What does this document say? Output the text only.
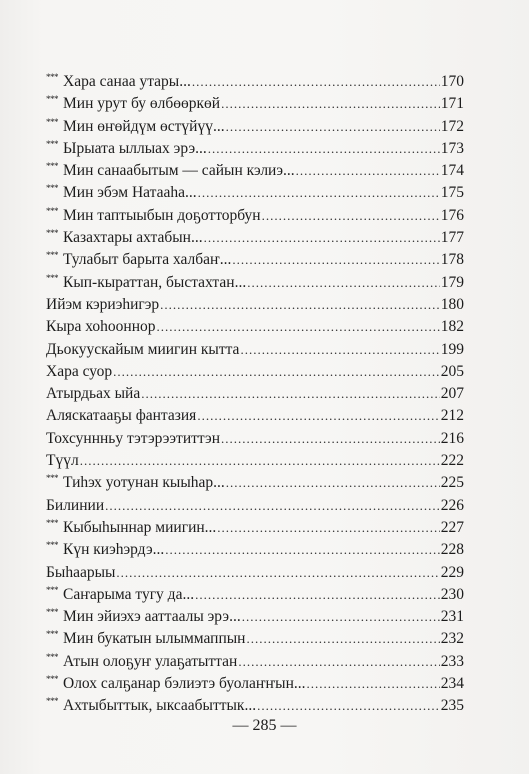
*** Хара санаа утары... .....	170
*** Мин урут бу өлбөөркөй .....	171
*** Мин өҥөйдүм өстүйүү... .....	172
*** Ырыата ыллыах эрэ... .....	173
*** Мин санаабытым — сайын кэлиэ... .....	174
*** Мин эбэм Натааһа... .....	175
*** Мин таптыыбын доҕотторбун .....	176
*** Казахтары ахтабын... .....	177
*** Тулабыт барыта халбаҥ... .....	178
*** Кып-кыраттан, быстахтан... .....	179
Ийэм кэриэһигэр .....	180
Кыра хоһооннор .....	182
Дьокуускайым миигин кытта .....	199
Хара суор .....	205
Атырдьах ыйа .....	207
Аляскатааҕы фантазия .....	212
Тохсуннньу тэтэрээтиттэн .....	216
Түүл .....	222
*** Тиһэх уотунан кыыһар... .....	225
Билинии .....	226
*** Кыбыһыннар миигин... .....	227
*** Күн киэһэрдэ... .....	228
Быһаарыы .....	229
*** Саҥарыма тугу да... .....	230
*** Мин эйиэхэ ааттаалы эрэ... .....	231
*** Мин букатын ылыммаппын .....	232
*** Атын олоҕуҥ улаҕатыттан .....	233
*** Олох салҕанар бэлиэтэ буолаҥҥын... .....	234
*** Ахтыбыттык, ыксаабыттык... .....	235
— 285 —
